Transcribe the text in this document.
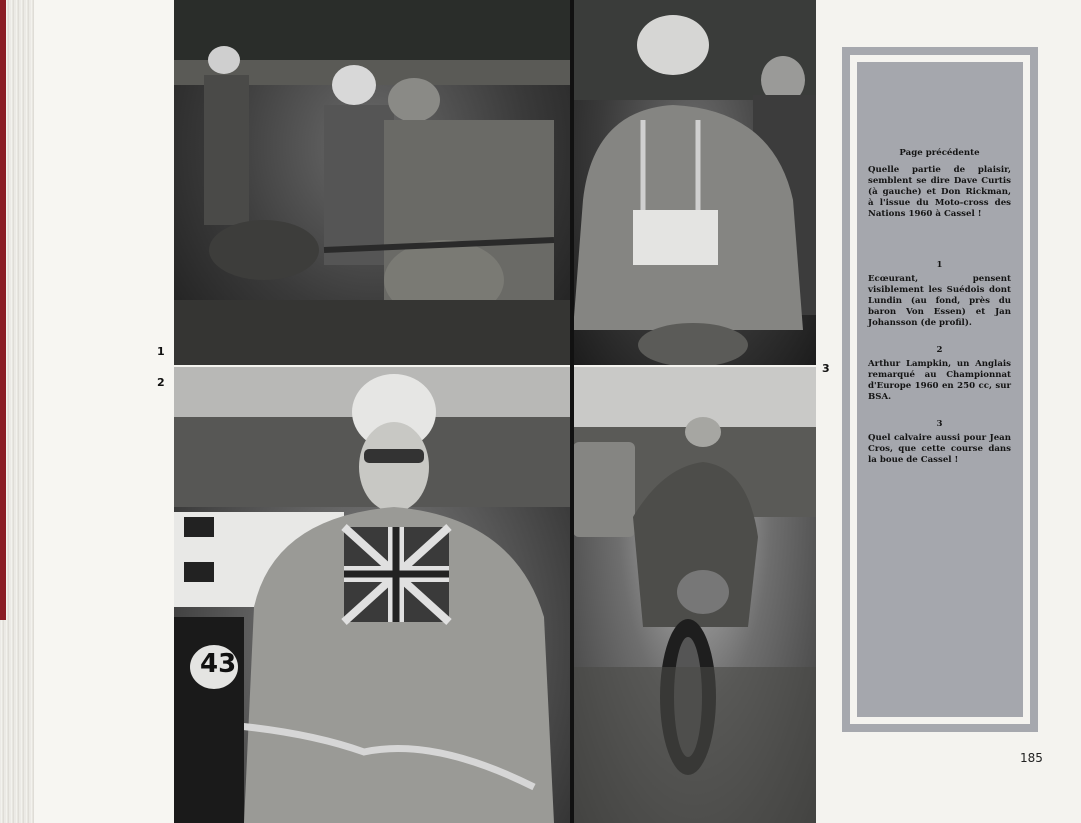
43
1
2
3
Page précédente

Quelle partie de plaisir, semblent se dire Dave Curtis (à gauche) et Don Rickman, à l'issue du Moto-cross des Nations 1960 à Cassel !

1

Ecœurant, pensent visiblement les Suédois dont Lundin (au fond, près du baron Von Essen) et Jan Johansson (de profil).

2

Arthur Lampkin, un Anglais remarqué au Championnat d'Europe 1960 en 250 cc, sur BSA.

3

Quel calvaire aussi pour Jean Cros, que cette course dans la boue de Cassel !

185
